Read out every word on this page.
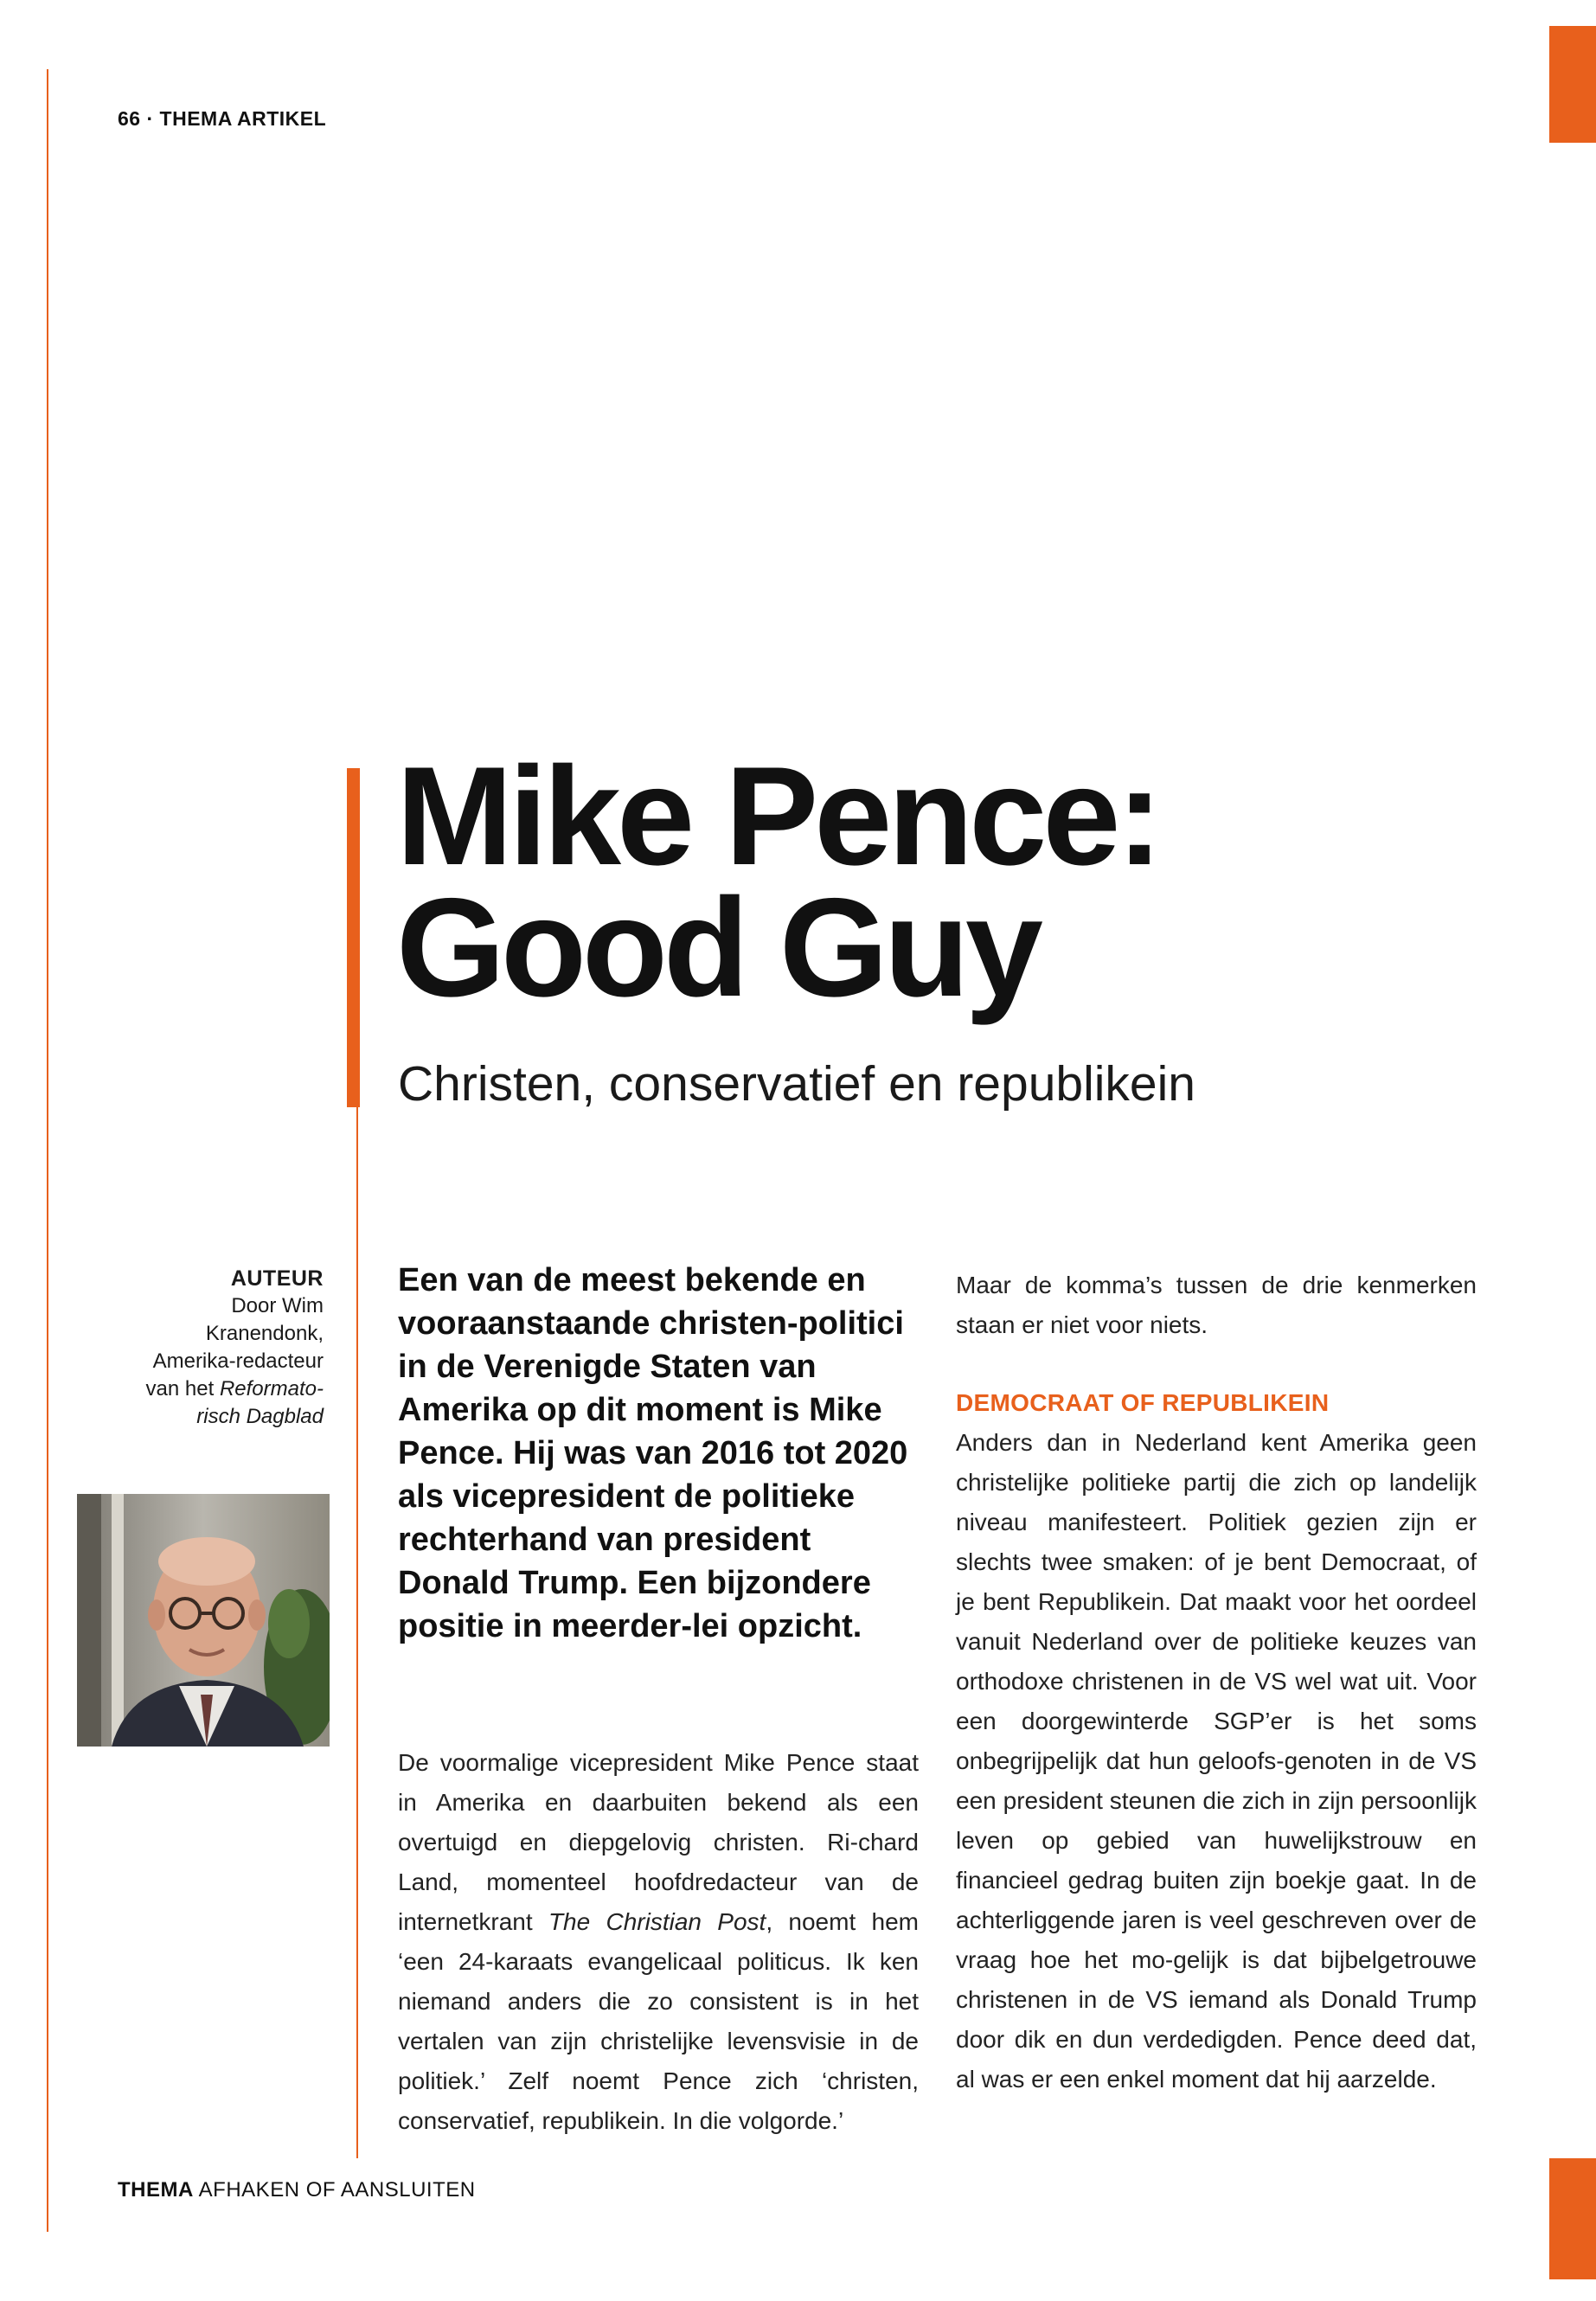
66 · THEMA ARTIKEL
Mike Pence:
Good Guy
Christen, conservatief en republikein
AUTEUR
Door Wim
Kranendonk,
Amerika-redacteur
van het Reformato-
risch Dagblad

Een van de meest bekende en vooraanstaande christen-politici in de Verenigde Staten van Amerika op dit moment is Mike Pence. Hij was van 2016 tot 2020 als vicepresident de politieke rechterhand van president Donald Trump. Een bijzondere positie in meerder-lei opzicht.

De voormalige vicepresident Mike Pence staat in Amerika en daarbuiten bekend als een overtuigd en diepgelovig christen. Ri-chard Land, momenteel hoofdredacteur van de internetkrant The Christian Post, noemt hem ‘een 24-karaats evangelicaal politicus. Ik ken niemand anders die zo consistent is in het vertalen van zijn christelijke levensvisie in de politiek.’ Zelf noemt Pence zich ‘christen, conservatief, republikein. In die volgorde.’

Maar de komma’s tussen de drie kenmerken staan er niet voor niets.

DEMOCRAAT OF REPUBLIKEIN

Anders dan in Nederland kent Amerika geen christelijke politieke partij die zich op landelijk niveau manifesteert. Politiek gezien zijn er slechts twee smaken: of je bent Democraat, of je bent Republikein. Dat maakt voor het oordeel vanuit Nederland over de politieke keuzes van orthodoxe christenen in de VS wel wat uit. Voor een doorgewinterde SGP’er is het soms onbegrijpelijk dat hun geloofs-genoten in de VS een president steunen die zich in zijn persoonlijk leven op gebied van huwelijkstrouw en financieel gedrag buiten zijn boekje gaat. In de achterliggende jaren is veel geschreven over de vraag hoe het mo-gelijk is dat bijbelgetrouwe christenen in de VS iemand als Donald Trump door dik en dun verdedigden. Pence deed dat, al was er een enkel moment dat hij aarzelde.

THEMA AFHAKEN OF AANSLUITEN
